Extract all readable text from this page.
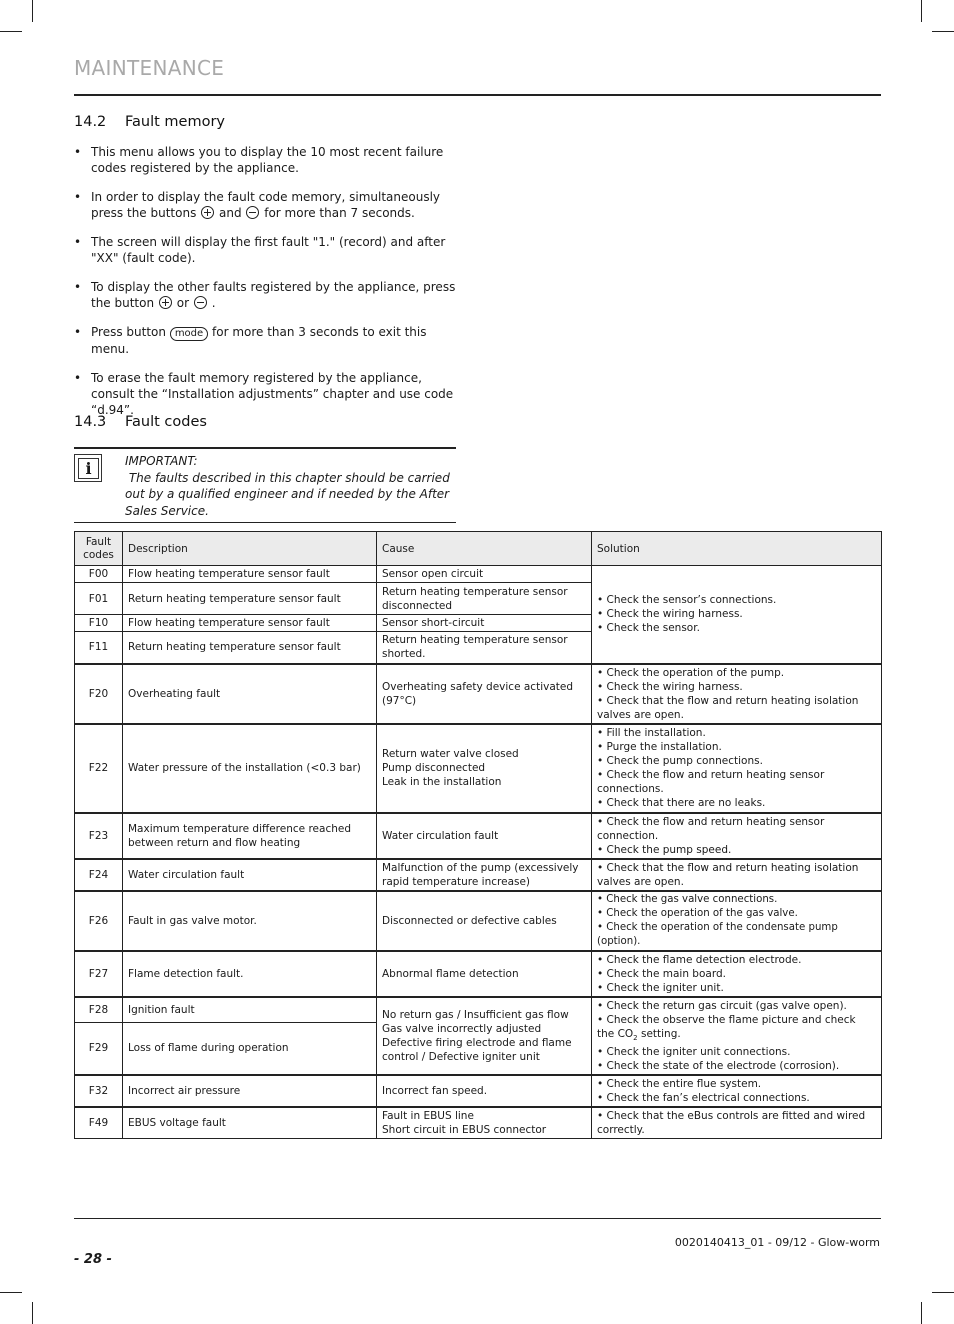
MAINTENANCE
14.2 Fault memory
• This menu allows you to display the 10 most recent failure codes registered by the appliance.
• In order to display the fault code memory, simultaneously press the buttons and for more than 7 seconds.
• The screen will display the first fault "1." (record) and after "XX" (fault code).
• To display the other faults registered by the appliance, press the button or .
• Press button mode for more than 3 seconds to exit this menu.
• To erase the fault memory registered by the appliance, consult the “Installation adjustments” chapter and use code “d.94”.
14.3 Fault codes
i	IMPORTANT:
The faults described in this chapter should be carried out by a qualified engineer and if needed by the After Sales Service.
Fault codes	Description	Cause	Solution
F00	Flow heating temperature sensor fault	Sensor open circuit	• Check the sensor’s connections.
• Check the wiring harness.
• Check the sensor.
F01	Return heating temperature sensor fault	Return heating temperature sensor disconnected	
F10	Flow heating temperature sensor fault	Sensor short-circuit	
F11	Return heating temperature sensor fault	Return heating temperature sensor shorted.	
F20	Overheating fault	Overheating safety device activated (97°C)	• Check the operation of the pump.
• Check the wiring harness.
• Check that the flow and return heating isolation valves are open.
F22	Water pressure of the installation (<0.3 bar)	Return water valve closed
Pump disconnected
Leak in the installation	• Fill the installation.
• Purge the installation.
• Check the pump connections.
• Check the flow and return heating sensor connections.
• Check that there are no leaks.
F23	Maximum temperature difference reached between return and flow heating	Water circulation fault	• Check the flow and return heating sensor connection.
• Check the pump speed.
F24	Water circulation fault	Malfunction of the pump (excessively rapid temperature increase)	• Check that the flow and return heating isolation valves are open.
F26	Fault in gas valve motor.	Disconnected or defective cables	• Check the gas valve connections.
• Check the operation of the gas valve.
• Check the operation of the condensate pump (option).
F27	Flame detection fault.	Abnormal flame detection	• Check the flame detection electrode.
• Check the main board.
• Check the igniter unit.
F28	Ignition fault	No return gas / Insufficient gas flow
Gas valve incorrectly adjusted
Defective firing electrode and flame control / Defective igniter unit	• Check the return gas circuit (gas valve open).
• Check the observe the flame picture and check the $CO_2$ setting.
• Check the igniter unit connections.
• Check the state of the electrode (corrosion).
F29	Loss of flame during operation		
F32	Incorrect air pressure	Incorrect fan speed.	• Check the entire flue system.
• Check the fan’s electrical connections.
F49	EBUS voltage fault	Fault in EBUS line
Short circuit in EBUS connector	• Check that the eBus controls are fitted and wired correctly.
0020140413_01 - 09/12 - Glow-worm
- 28 -
